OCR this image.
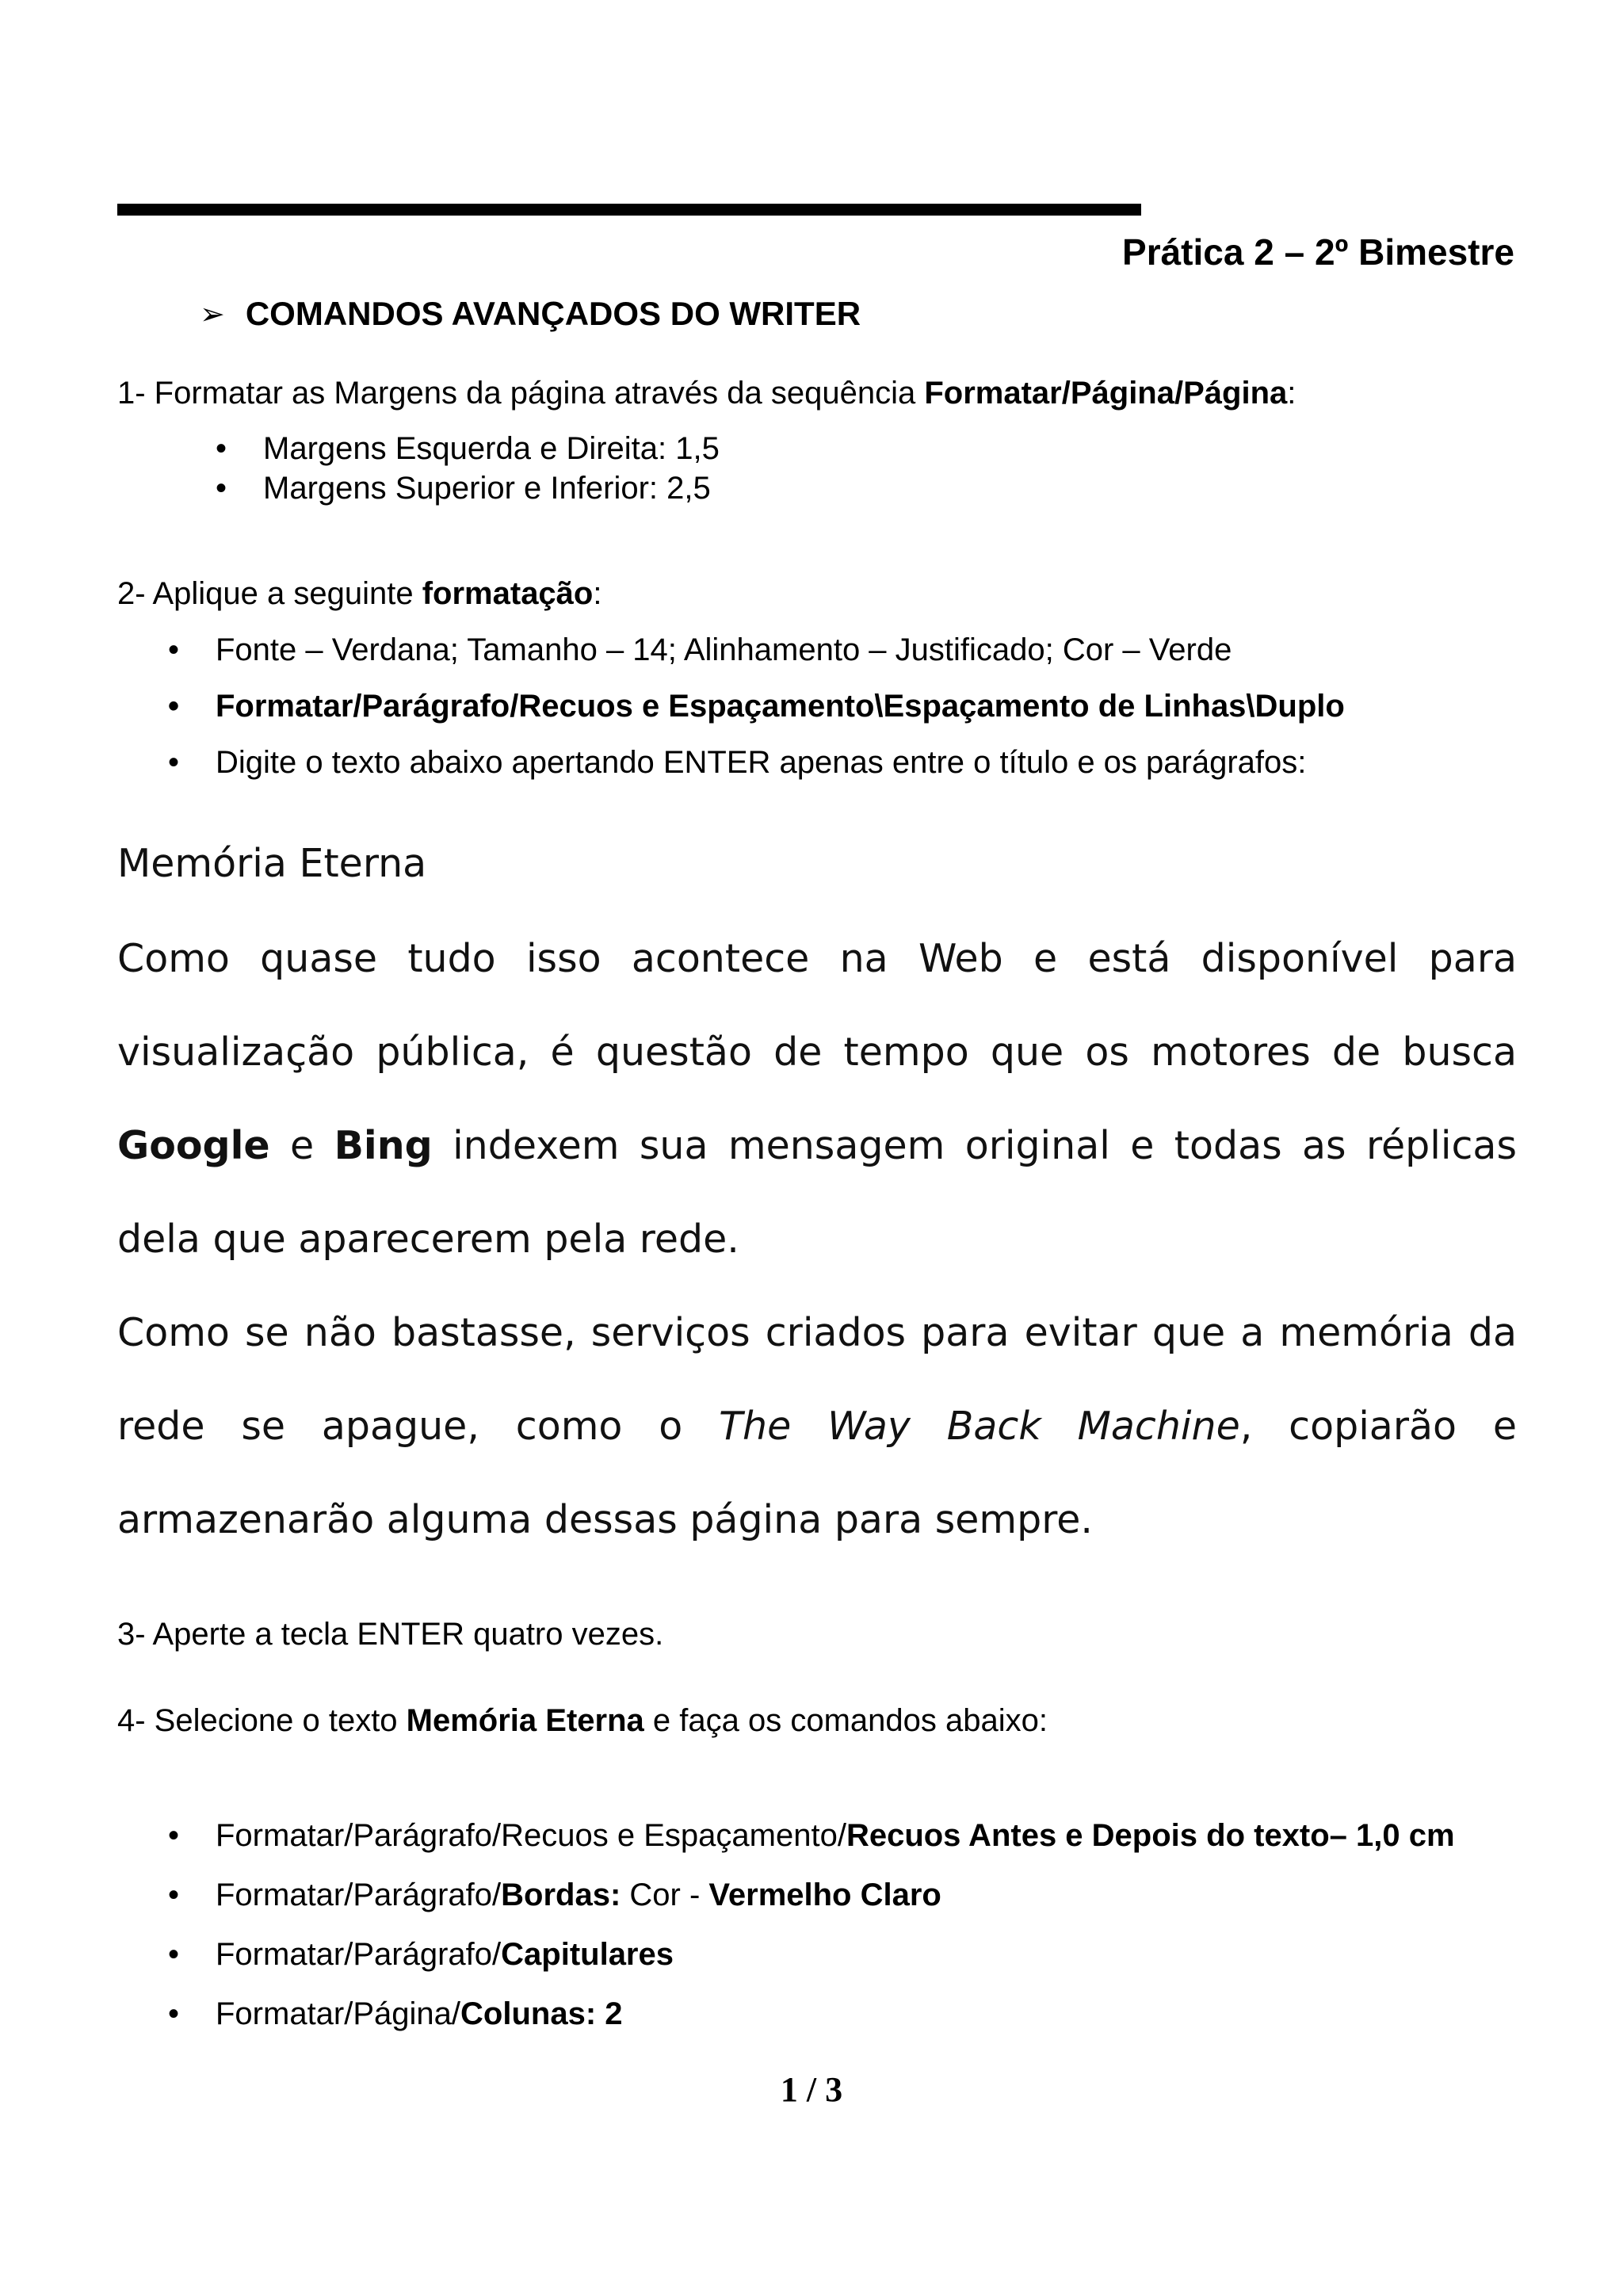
Prática 2 – 2º Bimestre
➢ COMANDOS AVANÇADOS DO WRITER
1- Formatar as Margens da página através da sequência Formatar/Página/Página:
• Margens Esquerda e Direita: 1,5
• Margens Superior e Inferior: 2,5
2- Aplique a seguinte formatação:
• Fonte – Verdana; Tamanho – 14; Alinhamento – Justificado; Cor – Verde
• Formatar/Parágrafo/Recuos e Espaçamento\Espaçamento de Linhas\Duplo
• Digite o texto abaixo apertando ENTER apenas entre o título e os parágrafos:
Memória Eterna

Como quase tudo isso acontece na Web e está disponível para visualização pública, é questão de tempo que os motores de busca Google e Bing indexem sua mensagem original e todas as réplicas dela que aparecerem pela rede.

Como se não bastasse, serviços criados para evitar que a memória da rede se apague, como o The Way Back Machine, copiarão e armazenarão alguma dessas página para sempre.

3- Aperte a tecla ENTER quatro vezes.
4- Selecione o texto Memória Eterna e faça os comandos abaixo:
• Formatar/Parágrafo/Recuos e Espaçamento/Recuos Antes e Depois do texto– 1,0 cm
• Formatar/Parágrafo/Bordas: Cor - Vermelho Claro
• Formatar/Parágrafo/Capitulares
• Formatar/Página/Colunas: 2
1 / 3
